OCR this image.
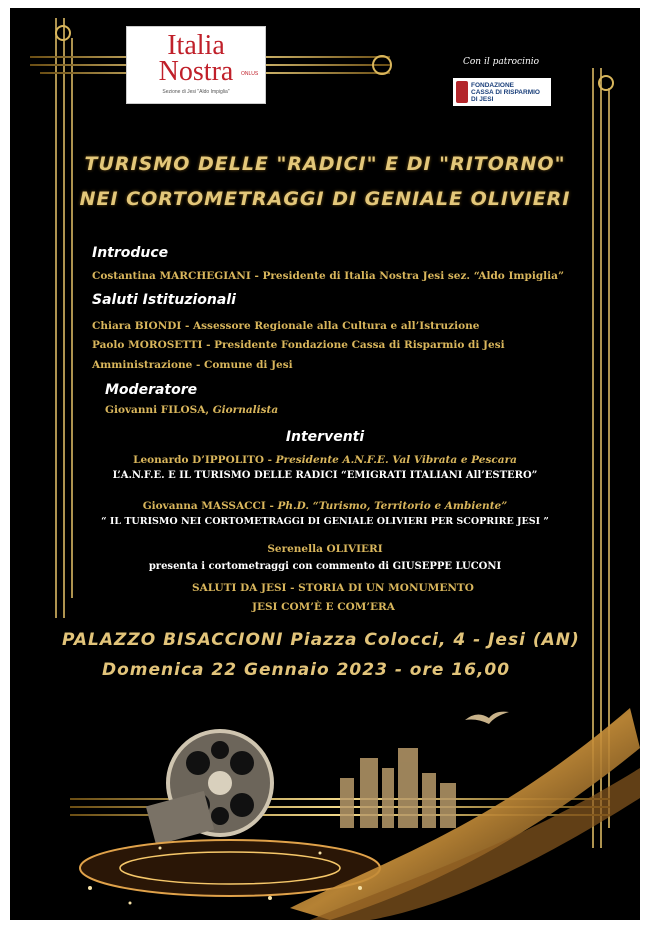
Italia
Nostra	ONLUS
Sezione di Jesi "Aldo Impiglia"
Con il patrocinio
FONDAZIONE
CASSA DI RISPARMIO
DI JESI
TURISMO DELLE "RADICI" E DI "RITORNO"
NEI CORTOMETRAGGI DI GENIALE OLIVIERI
Introduce
Costantina MARCHEGIANI - Presidente di Italia Nostra Jesi sez. “Aldo Impiglia”
Saluti Istituzionali
Chiara BIONDI - Assessore Regionale alla Cultura e all’Istruzione
Paolo MOROSETTI - Presidente Fondazione Cassa di Risparmio di Jesi
Amministrazione - Comune di Jesi
Moderatore
Giovanni FILOSA, Giornalista
Interventi
Leonardo D’IPPOLITO - Presidente A.N.F.E. Val Vibrata e Pescara
L’A.N.F.E. E IL TURISMO DELLE RADICI “EMIGRATI ITALIANI All’ESTERO”
Giovanna MASSACCI - Ph.D. “Turismo, Territorio e Ambiente”
“ IL TURISMO NEI CORTOMETRAGGI DI GENIALE OLIVIERI PER SCOPRIRE JESI ”
Serenella OLIVIERI
presenta i cortometraggi con commento di GIUSEPPE LUCONI
SALUTI DA JESI - STORIA DI UN MONUMENTO
JESI COM’È E COM’ERA
PALAZZO BISACCIONI Piazza Colocci, 4 - Jesi (AN)
Domenica 22 Gennaio 2023 - ore 16,00
